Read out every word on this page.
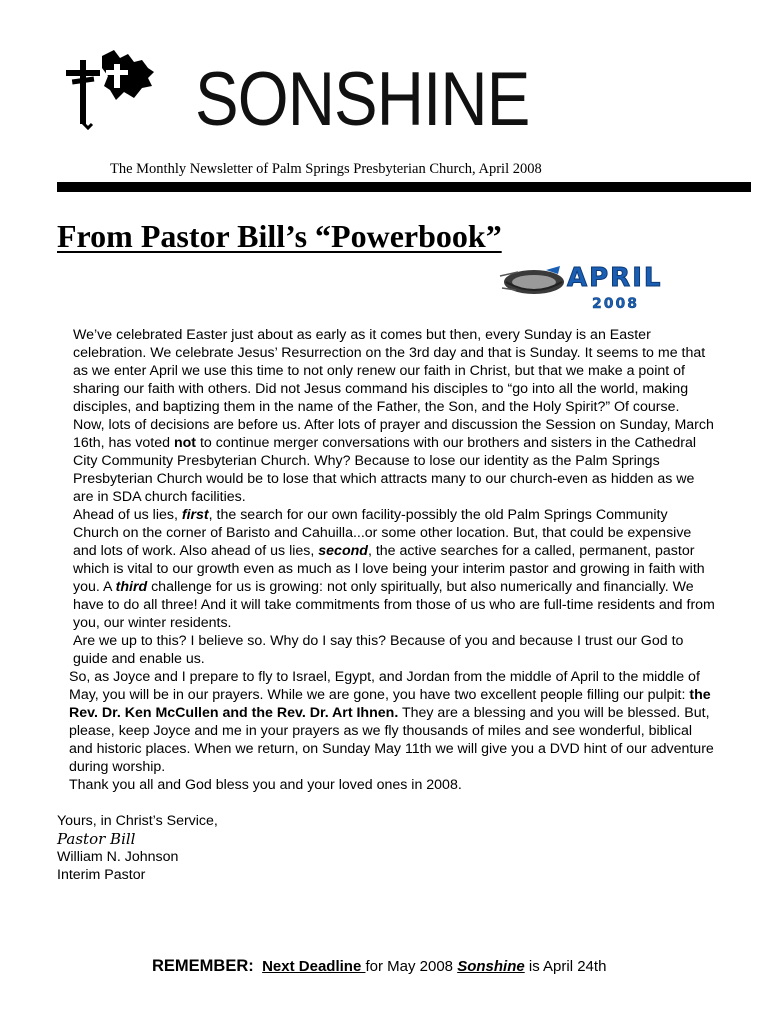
SONSHINE
The Monthly Newsletter of Palm Springs Presbyterian Church, April 2008
From Pastor Bill’s “Powerbook”
APRIL
2008

We’ve celebrated Easter just about as early as it comes but then, every Sunday is an Easter celebration. We celebrate Jesus’ Resurrection on the 3rd day and that is Sunday. It seems to me that as we enter April we use this time to not only renew our faith in Christ, but that we make a point of sharing our faith with others. Did not Jesus command his disciples to “go into all the world, making disciples, and baptizing them in the name of the Father, the Son, and the Holy Spirit?” Of course.

Now, lots of decisions are before us. After lots of prayer and discussion the Session on Sunday, March 16th, has voted not to continue merger conversations with our brothers and sisters in the Cathedral City Community Presbyterian Church. Why? Because to lose our identity as the Palm Springs Presbyterian Church would be to lose that which attracts many to our church-even as hidden as we are in SDA church facilities.

Ahead of us lies, first, the search for our own facility-possibly the old Palm Springs Community Church on the corner of Baristo and Cahuilla...or some other location. But, that could be expensive and lots of work. Also ahead of us lies, second, the active searches for a called, permanent, pastor which is vital to our growth even as much as I love being your interim pastor and growing in faith with you. A third challenge for us is growing: not only spiritually, but also numerically and financially. We have to do all three! And it will take commitments from those of us who are full-time residents and from you, our winter residents.

Are we up to this? I believe so. Why do I say this? Because of you and because I trust our God to guide and enable us.

So, as Joyce and I prepare to fly to Israel, Egypt, and Jordan from the middle of April to the middle of May, you will be in our prayers. While we are gone, you have two excellent people filling our pulpit: the Rev. Dr. Ken McCullen and the Rev. Dr. Art Ihnen. They are a blessing and you will be blessed. But, please, keep Joyce and me in your prayers as we fly thousands of miles and see wonderful, biblical and historic places. When we return, on Sunday May 11th we will give you a DVD hint of our adventure during worship.

Thank you all and God bless you and your loved ones in 2008.

Yours, in Christ’s Service,

Pastor Bill

William N. Johnson

Interim Pastor

REMEMBER: Next Deadline for May 2008 Sonshine is April 24th
